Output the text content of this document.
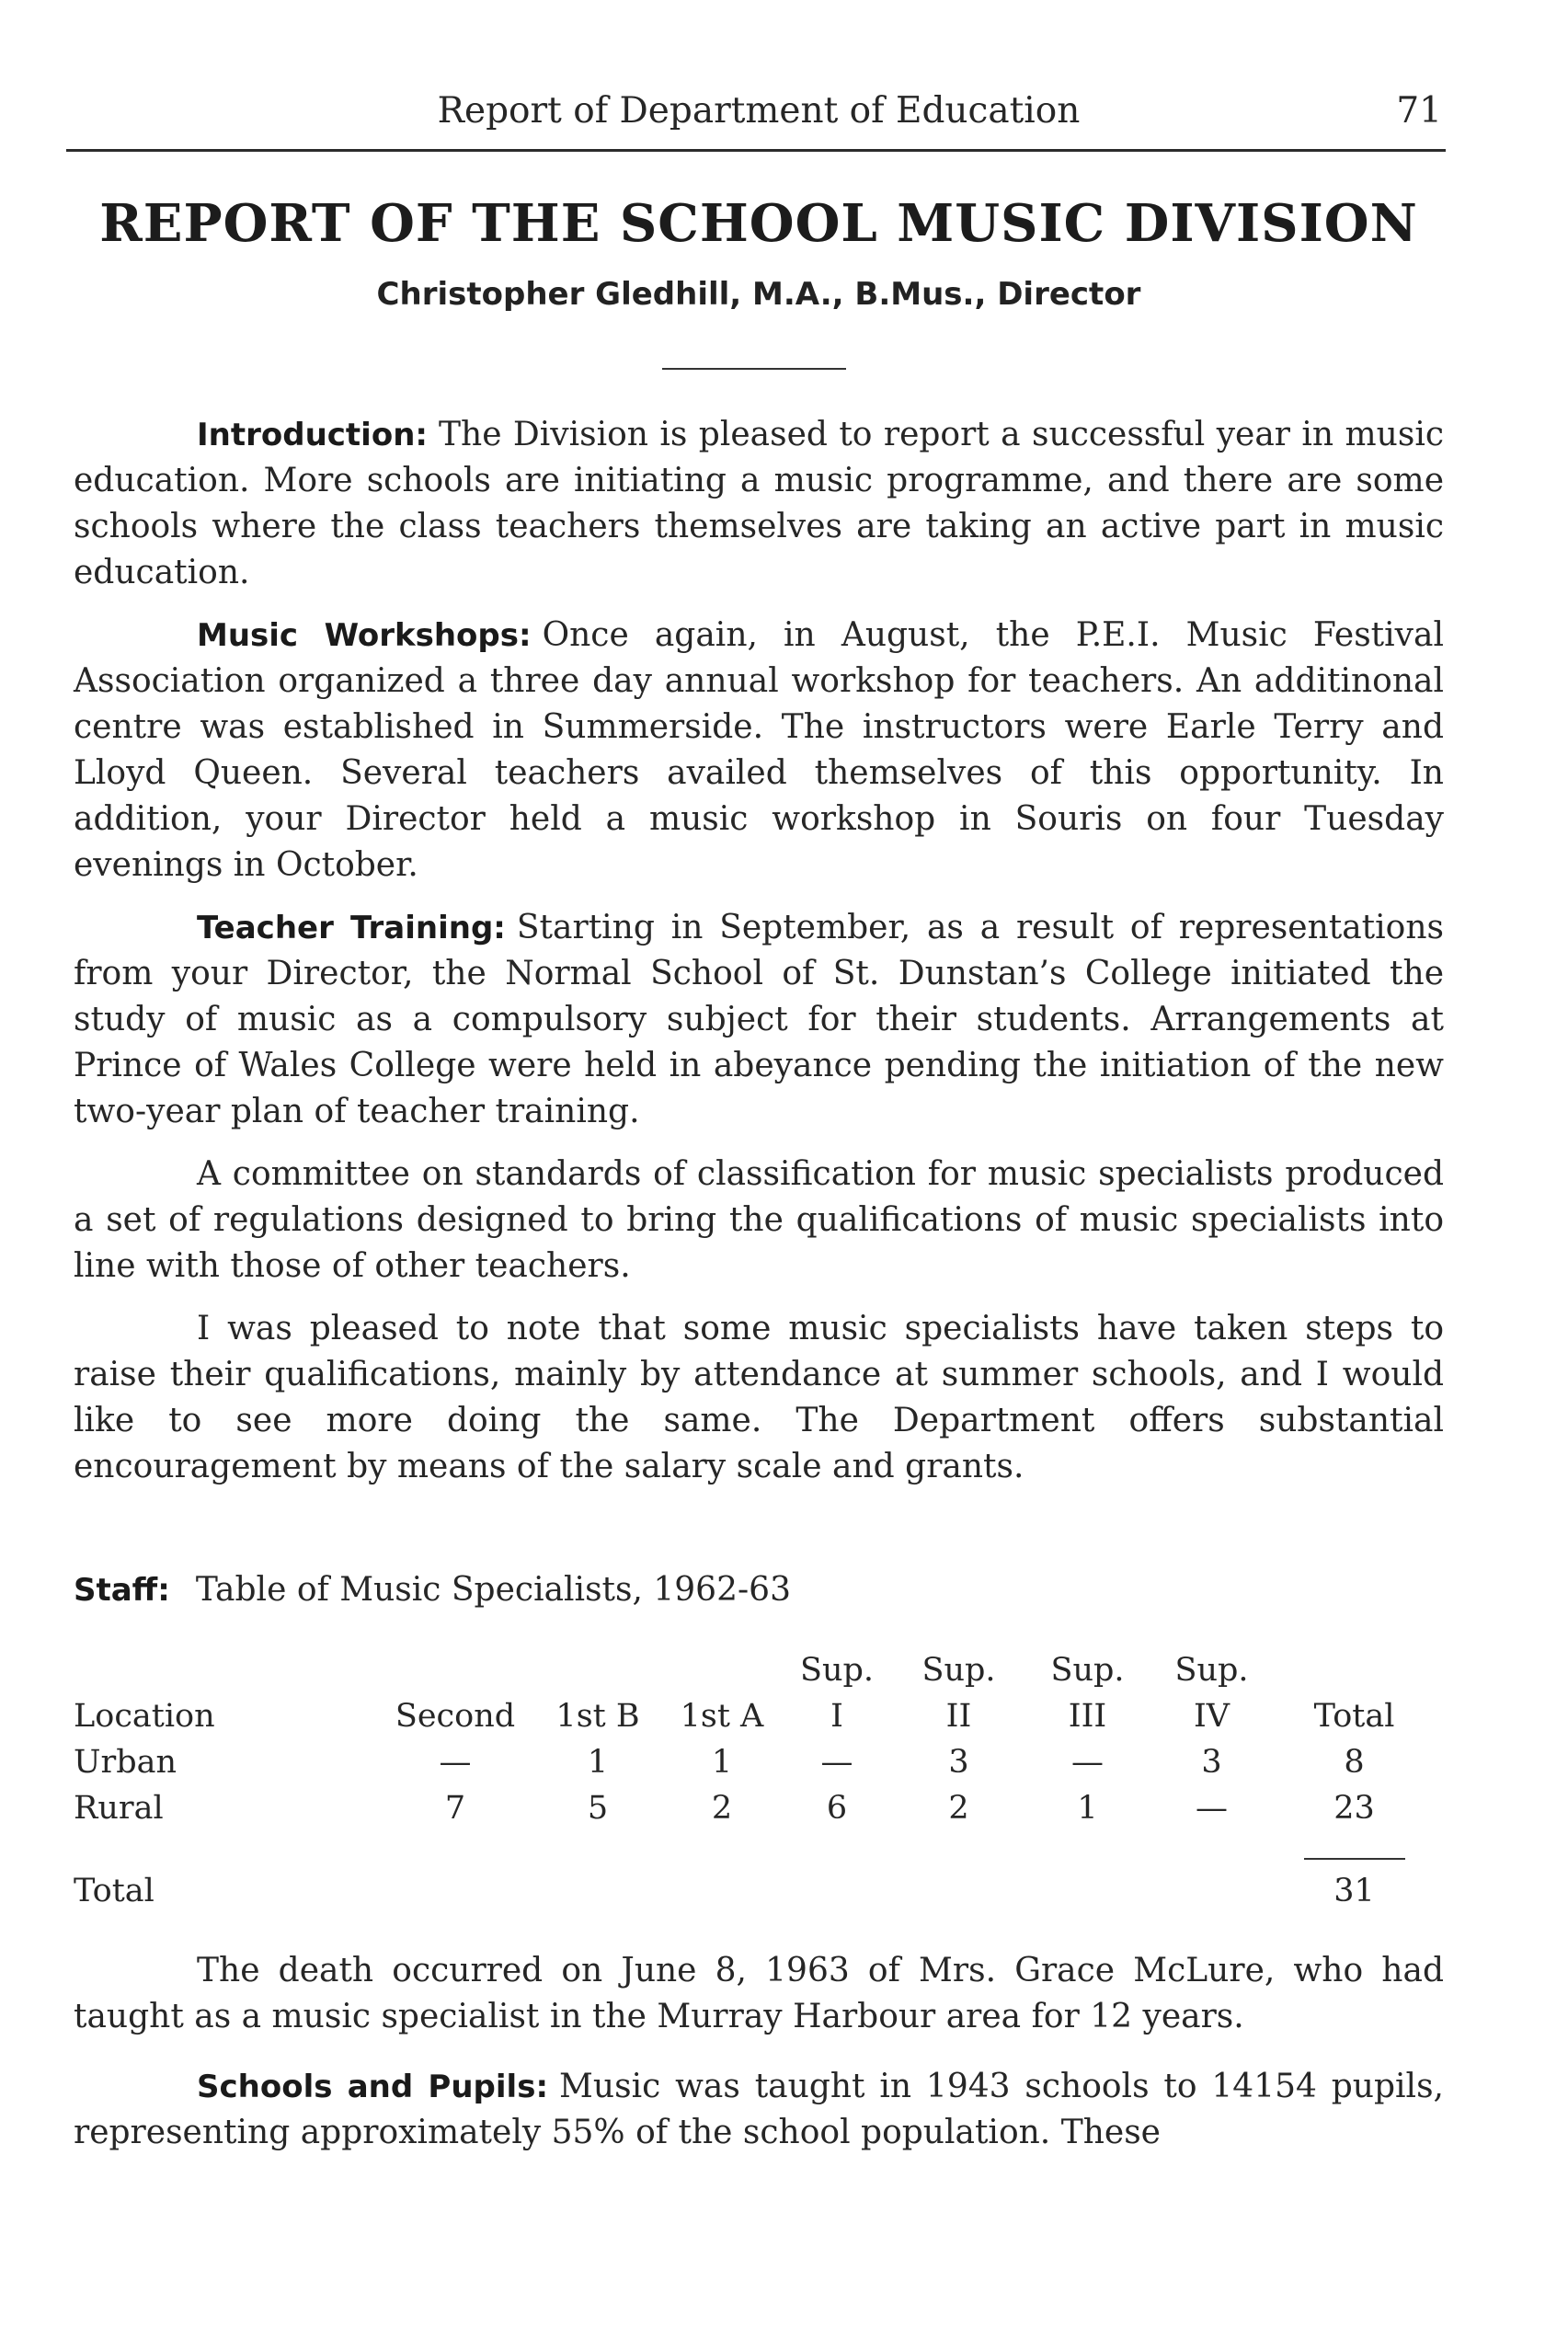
Report of Department of Education	71
REPORT OF THE SCHOOL MUSIC DIVISION
Christopher Gledhill, M.A., B.Mus., Director

Introduction: The Division is pleased to report a successful year in music education. More schools are initiating a music programme, and there are some schools where the class teachers themselves are taking an active part in music education.

Music Workshops: Once again, in August, the P.E.I. Music Festival Association organized a three day annual workshop for teachers. An additinonal centre was established in Summerside. The instructors were Earle Terry and Lloyd Queen. Several teachers availed themselves of this opportunity. In addition, your Director held a music workshop in Souris on four Tuesday evenings in October.

Teacher Training: Starting in September, as a result of representations from your Director, the Normal School of St. Dunstan’s College initiated the study of music as a compulsory subject for their students. Arrangements at Prince of Wales College were held in abeyance pending the initiation of the new two-year plan of teacher training.

A committee on standards of classification for music specialists produced a set of regulations designed to bring the qualifications of music specialists into line with those of other teachers.

I was pleased to note that some music specialists have taken steps to raise their qualifications, mainly by attendance at summer schools, and I would like to see more doing the same. The Department offers substantial encouragement by means of the salary scale and grants.

Staff: Table of Music Specialists, 1962-63
				Sup.	Sup.	Sup.	Sup.	
Location	Second	1st B	1st A	I	II	III	IV	Total
Urban	—	1	1	—	3	—	3	8
Rural	7	5	2	6	2	1	—	23

Total								31

The death occurred on June 8, 1963 of Mrs. Grace McLure, who had taught as a music specialist in the Murray Harbour area for 12 years.

Schools and Pupils: Music was taught in 1943 schools to 14154 pupils, representing approximately 55% of the school population. These
